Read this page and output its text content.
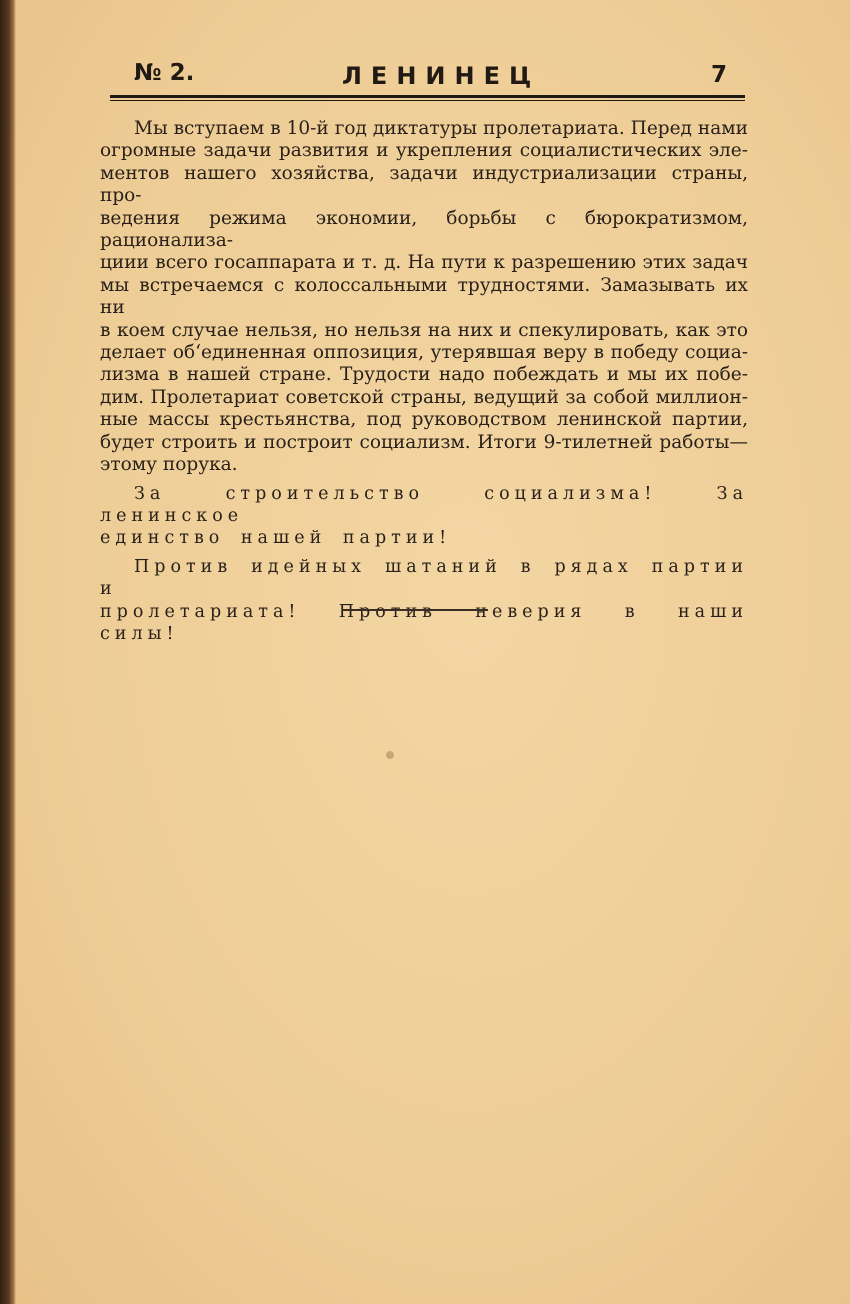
№ 2.	ЛЕНИНЕЦ	7

Мы вступаем в 10-й год диктатуры пролетариата. Перед нами
огромные задачи развития и укрепления социалистических эле-
ментов нашего хозяйства, задачи индустриализации страны, про-
ведения режима экономии, борьбы с бюрократизмом, рационализа-
циии всего госаппарата и т. д. На пути к разрешению этих задач
мы встречаемся с колоссальными трудностями. Замазывать их ни
в коем случае нельзя, но нельзя на них и спекулировать, как это
делает об‘единенная оппозиция, утерявшая веру в победу социа-
лизма в нашей стране. Трудости надо побеждать и мы их побе-
дим. Пролетариат советской страны, ведущий за собой миллион-
ные массы крестьянства, под руководством ленинской партии,
будет строить и построит социализм. Итоги 9-тилетней работы—
этому порука.

За строительство социализма! За ленинское
единство нашей партии!

Против идейных шатаний в рядах партии и
пролетариата! Против неверия в наши силы!
